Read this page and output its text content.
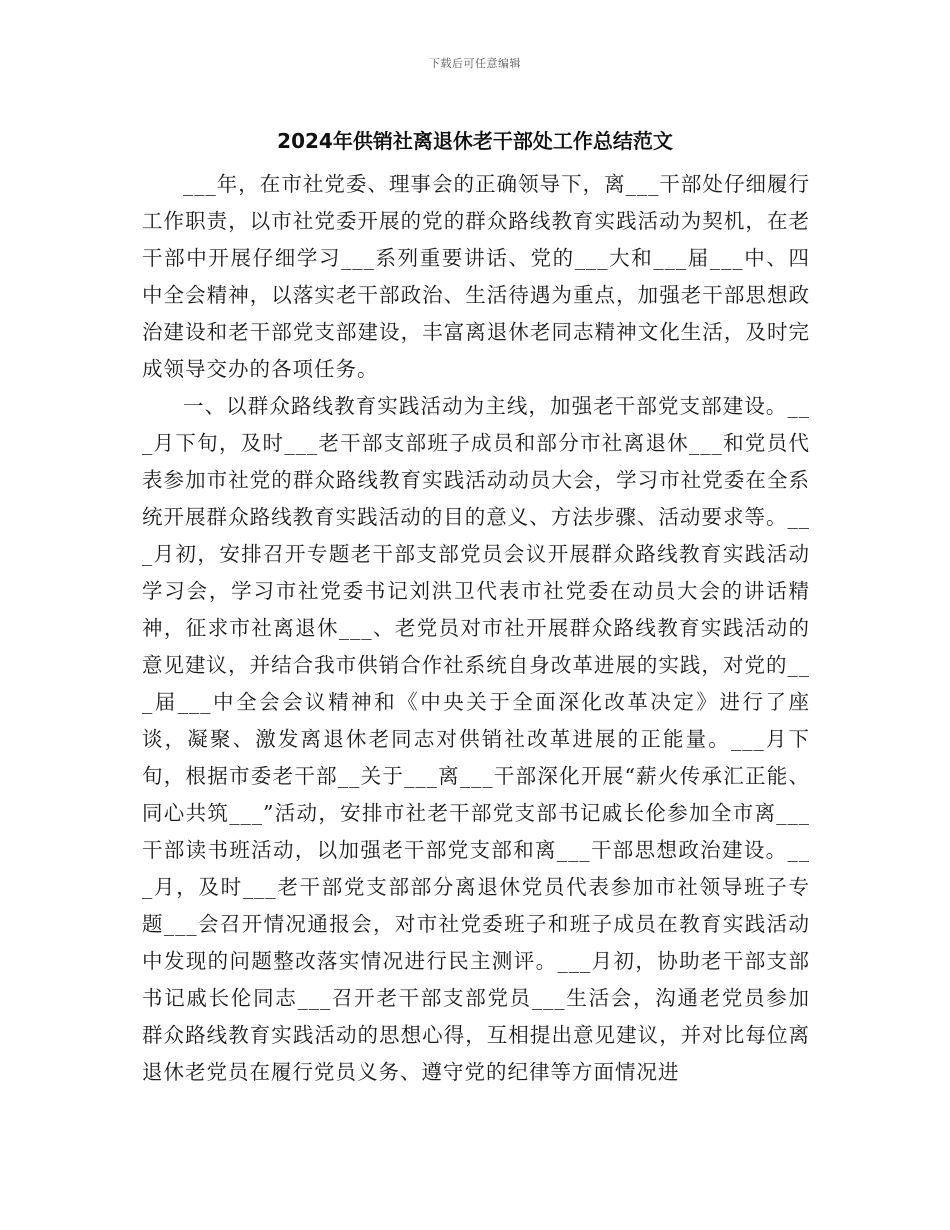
下载后可任意编辑
2024年供销社离退休老干部处工作总结范文

___年，在市社党委、理事会的正确领导下，离___干部处仔细履行工作职责，以市社党委开展的党的群众路线教育实践活动为契机，在老干部中开展仔细学习___系列重要讲话、党的___大和___届___中、四中全会精神，以落实老干部政治、生活待遇为重点，加强老干部思想政治建设和老干部党支部建设，丰富离退休老同志精神文化生活，及时完成领导交办的各项任务。

一、以群众路线教育实践活动为主线，加强老干部党支部建设。___月下旬，及时___老干部支部班子成员和部分市社离退休___和党员代表参加市社党的群众路线教育实践活动动员大会，学习市社党委在全系统开展群众路线教育实践活动的目的意义、方法步骤、活动要求等。___月初，安排召开专题老干部支部党员会议开展群众路线教育实践活动学习会，学习市社党委书记刘洪卫代表市社党委在动员大会的讲话精神，征求市社离退休___、老党员对市社开展群众路线教育实践活动的意见建议，并结合我市供销合作社系统自身改革进展的实践，对党的___届___中全会会议精神和《中央关于全面深化改革决定》进行了座谈，凝聚、激发离退休老同志对供销社改革进展的正能量。___月下旬，根据市委老干部__关于___离___干部深化开展“薪火传承汇正能、同心共筑___”活动，安排市社老干部党支部书记戚长伦参加全市离___干部读书班活动，以加强老干部党支部和离___干部思想政治建设。___月，及时___老干部党支部部分离退休党员代表参加市社领导班子专题___会召开情况通报会，对市社党委班子和班子成员在教育实践活动中发现的问题整改落实情况进行民主测评。___月初，协助老干部支部书记戚长伦同志___召开老干部支部党员___生活会，沟通老党员参加群众路线教育实践活动的思想心得，互相提出意见建议，并对比每位离退休老党员在履行党员义务、遵守党的纪律等方面情况进
